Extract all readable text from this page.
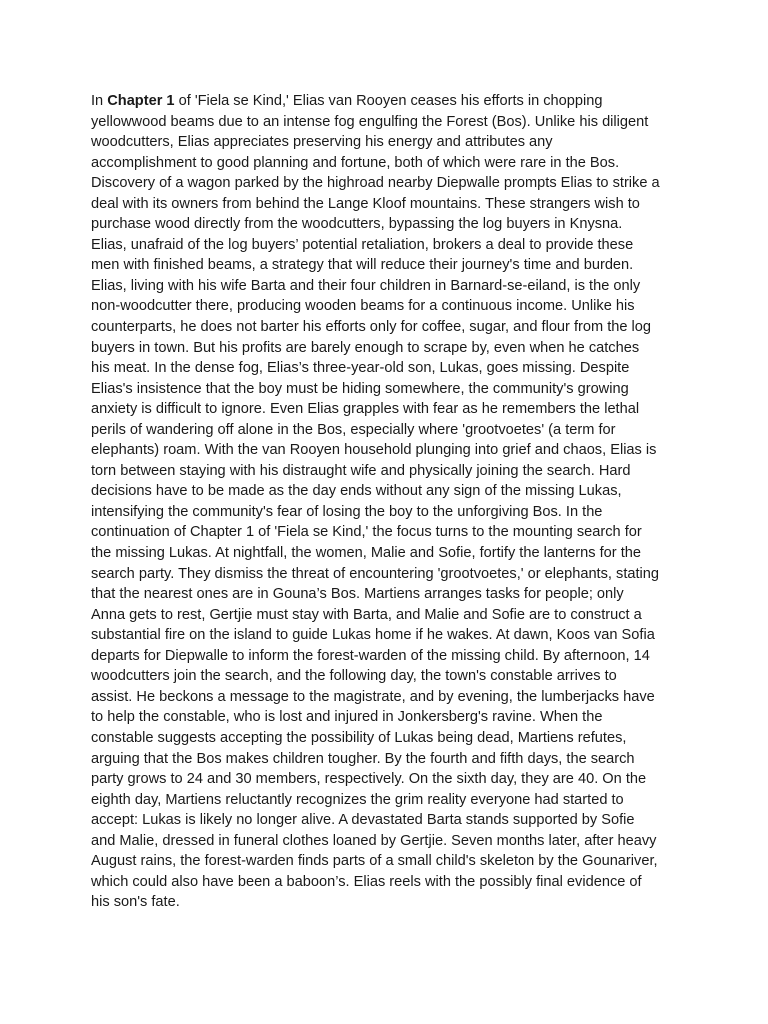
In Chapter 1 of 'Fiela se Kind,' Elias van Rooyen ceases his efforts in chopping
yellowwood beams due to an intense fog engulfing the Forest (Bos). Unlike his diligent
woodcutters, Elias appreciates preserving his energy and attributes any
accomplishment to good planning and fortune, both of which were rare in the Bos.
Discovery of a wagon parked by the highroad nearby Diepwalle prompts Elias to strike a
deal with its owners from behind the Lange Kloof mountains. These strangers wish to
purchase wood directly from the woodcutters, bypassing the log buyers in Knysna.
Elias, unafraid of the log buyers’ potential retaliation, brokers a deal to provide these
men with finished beams, a strategy that will reduce their journey's time and burden.
Elias, living with his wife Barta and their four children in Barnard-se-eiland, is the only
non-woodcutter there, producing wooden beams for a continuous income. Unlike his
counterparts, he does not barter his efforts only for coffee, sugar, and flour from the log
buyers in town. But his profits are barely enough to scrape by, even when he catches
his meat. In the dense fog, Elias’s three-year-old son, Lukas, goes missing. Despite
Elias's insistence that the boy must be hiding somewhere, the community's growing
anxiety is difficult to ignore. Even Elias grapples with fear as he remembers the lethal
perils of wandering off alone in the Bos, especially where 'grootvoetes' (a term for
elephants) roam. With the van Rooyen household plunging into grief and chaos, Elias is
torn between staying with his distraught wife and physically joining the search. Hard
decisions have to be made as the day ends without any sign of the missing Lukas,
intensifying the community's fear of losing the boy to the unforgiving Bos. In the
continuation of Chapter 1 of 'Fiela se Kind,' the focus turns to the mounting search for
the missing Lukas. At nightfall, the women, Malie and Sofie, fortify the lanterns for the
search party. They dismiss the threat of encountering 'grootvoetes,' or elephants, stating
that the nearest ones are in Gouna’s Bos. Martiens arranges tasks for people; only
Anna gets to rest, Gertjie must stay with Barta, and Malie and Sofie are to construct a
substantial fire on the island to guide Lukas home if he wakes. At dawn, Koos van Sofia
departs for Diepwalle to inform the forest-warden of the missing child. By afternoon, 14
woodcutters join the search, and the following day, the town's constable arrives to
assist. He beckons a message to the magistrate, and by evening, the lumberjacks have
to help the constable, who is lost and injured in Jonkersberg's ravine. When the
constable suggests accepting the possibility of Lukas being dead, Martiens refutes,
arguing that the Bos makes children tougher. By the fourth and fifth days, the search
party grows to 24 and 30 members, respectively. On the sixth day, they are 40. On the
eighth day, Martiens reluctantly recognizes the grim reality everyone had started to
accept: Lukas is likely no longer alive. A devastated Barta stands supported by Sofie
and Malie, dressed in funeral clothes loaned by Gertjie. Seven months later, after heavy
August rains, the forest-warden finds parts of a small child's skeleton by the Gounariver,
which could also have been a baboon’s. Elias reels with the possibly final evidence of
his son's fate.
